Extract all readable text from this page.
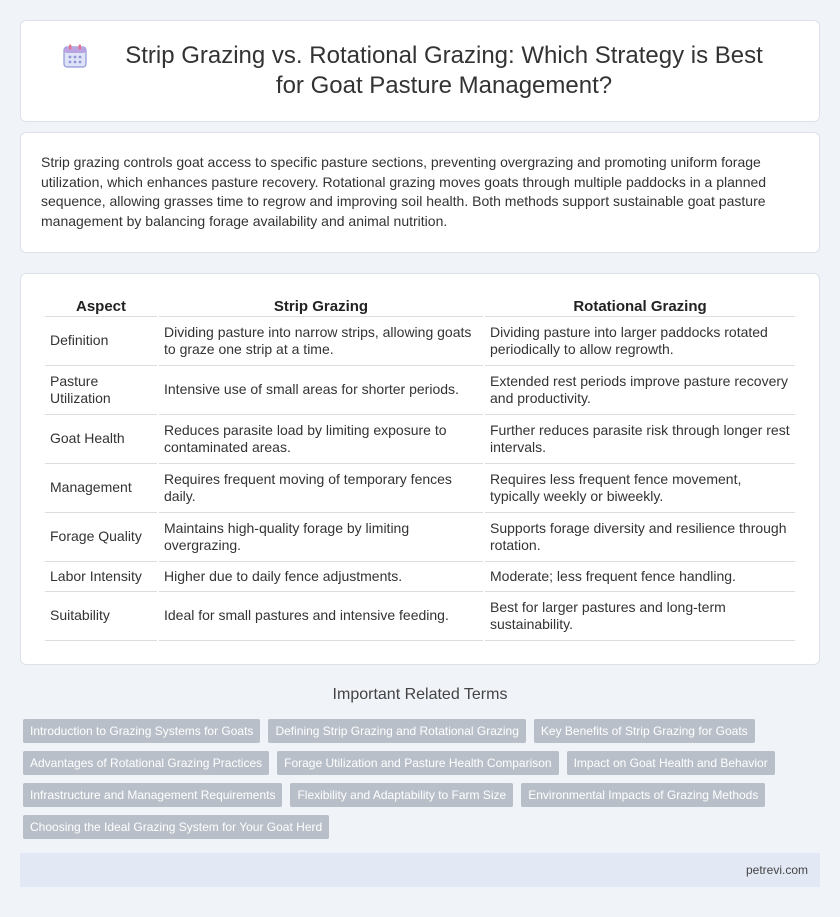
Strip Grazing vs. Rotational Grazing: Which Strategy is Best for Goat Pasture Management?

Strip grazing controls goat access to specific pasture sections, preventing overgrazing and promoting uniform forage utilization, which enhances pasture recovery. Rotational grazing moves goats through multiple paddocks in a planned sequence, allowing grasses time to regrow and improving soil health. Both methods support sustainable goat pasture management by balancing forage availability and animal nutrition.

Aspect	Strip Grazing	Rotational Grazing
Definition	Dividing pasture into narrow strips, allowing goats to graze one strip at a time.	Dividing pasture into larger paddocks rotated periodically to allow regrowth.
Pasture Utilization	Intensive use of small areas for shorter periods.	Extended rest periods improve pasture recovery and productivity.
Goat Health	Reduces parasite load by limiting exposure to contaminated areas.	Further reduces parasite risk through longer rest intervals.
Management	Requires frequent moving of temporary fences daily.	Requires less frequent fence movement, typically weekly or biweekly.
Forage Quality	Maintains high-quality forage by limiting overgrazing.	Supports forage diversity and resilience through rotation.
Labor Intensity	Higher due to daily fence adjustments.	Moderate; less frequent fence handling.
Suitability	Ideal for small pastures and intensive feeding.	Best for larger pastures and long-term sustainability.
Important Related Terms
Introduction to Grazing Systems for Goats	Defining Strip Grazing and Rotational Grazing	Key Benefits of Strip Grazing for Goats
Advantages of Rotational Grazing Practices	Forage Utilization and Pasture Health Comparison	Impact on Goat Health and Behavior
Infrastructure and Management Requirements	Flexibility and Adaptability to Farm Size	Environmental Impacts of Grazing Methods
Choosing the Ideal Grazing System for Your Goat Herd
petrevi.com
